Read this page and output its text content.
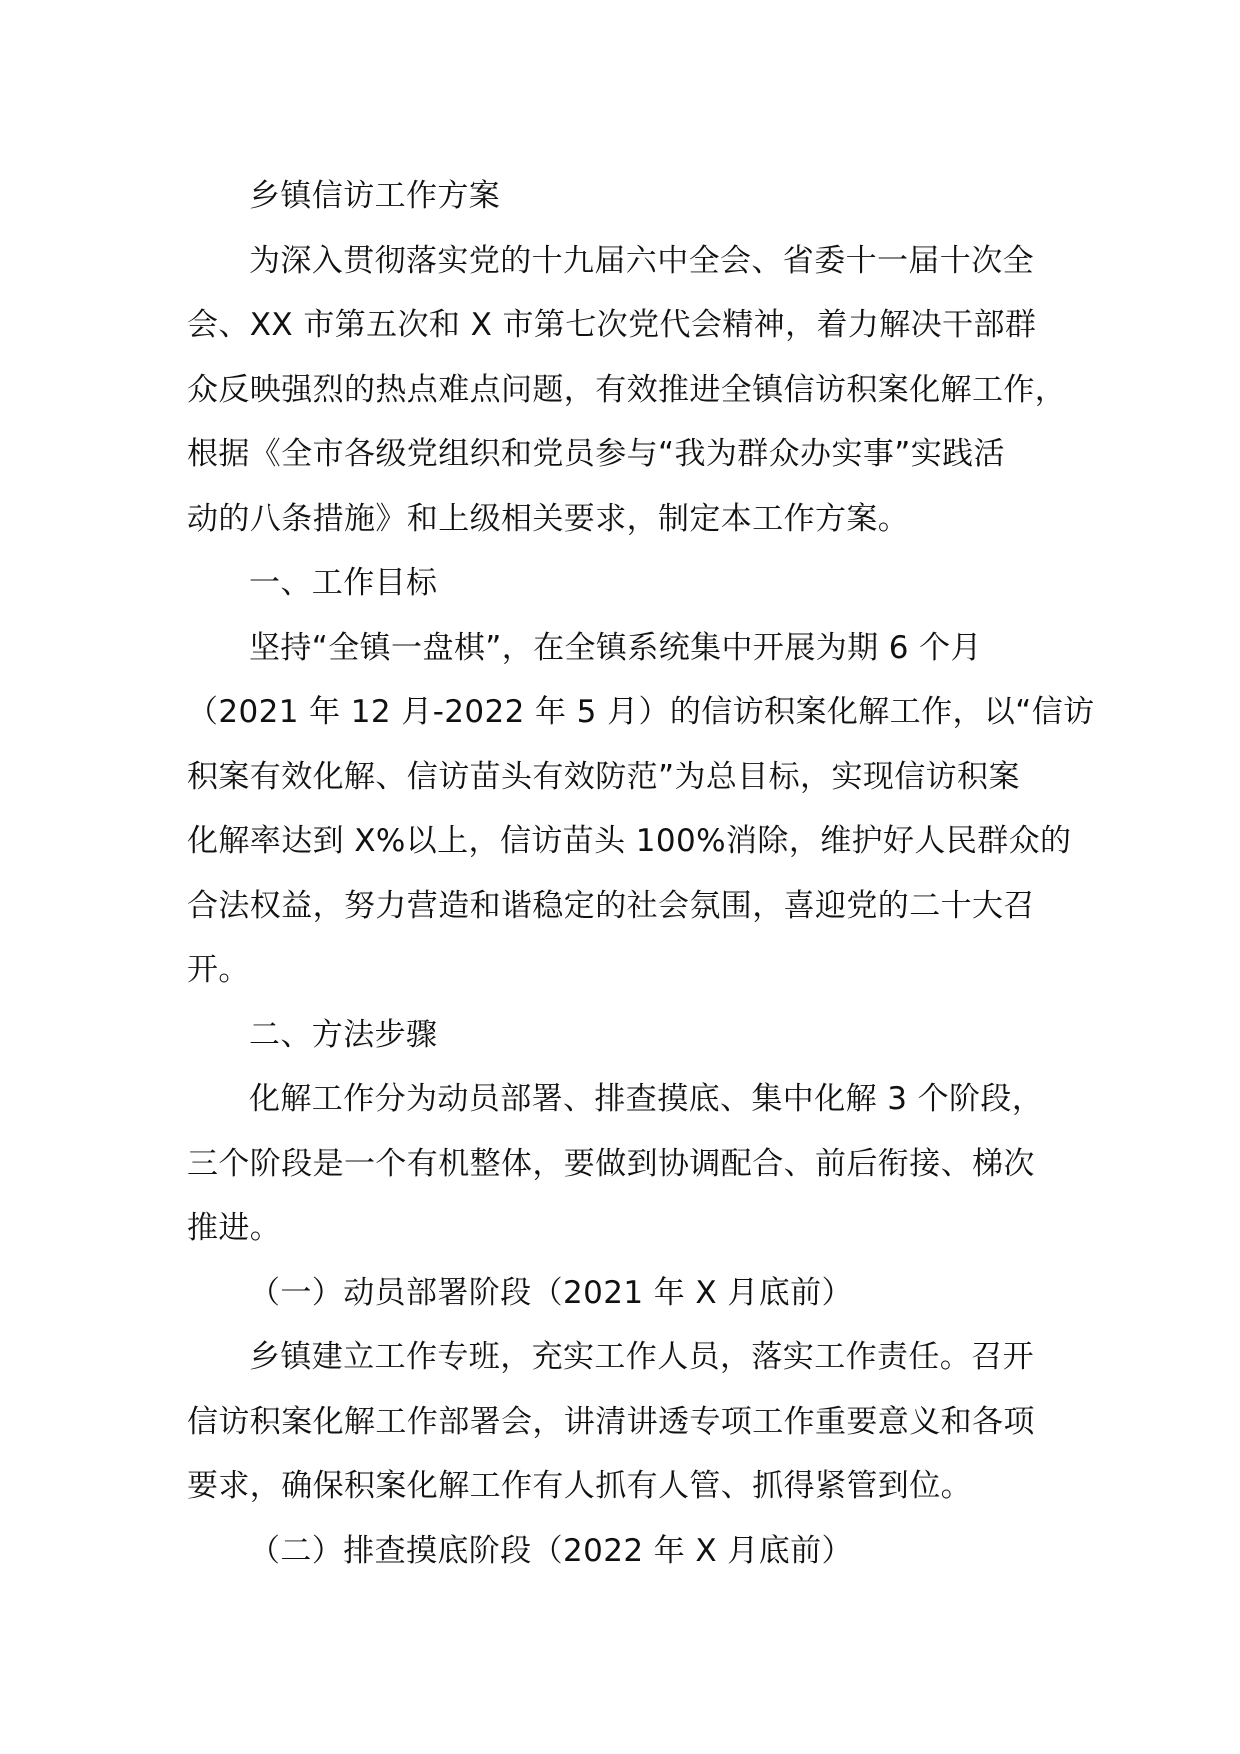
乡镇信访工作方案
为深入贯彻落实党的十九届六中全会、省委十一届十次全
会、XX 市第五次和 X 市第七次党代会精神，着力解决干部群
众反映强烈的热点难点问题，有效推进全镇信访积案化解工作，
根据《全市各级党组织和党员参与“我为群众办实事”实践活
动的八条措施》和上级相关要求，制定本工作方案。
一、工作目标
坚持“全镇一盘棋”，在全镇系统集中开展为期 6 个月
（2021 年 12 月-2022 年 5 月）的信访积案化解工作，以“信访
积案有效化解、信访苗头有效防范”为总目标，实现信访积案
化解率达到 X%以上，信访苗头 100%消除，维护好人民群众的
合法权益，努力营造和谐稳定的社会氛围，喜迎党的二十大召
开。
二、方法步骤
化解工作分为动员部署、排查摸底、集中化解 3 个阶段，
三个阶段是一个有机整体，要做到协调配合、前后衔接、梯次
推进。
（一）动员部署阶段（2021 年 X 月底前）
乡镇建立工作专班，充实工作人员，落实工作责任。召开
信访积案化解工作部署会，讲清讲透专项工作重要意义和各项
要求，确保积案化解工作有人抓有人管、抓得紧管到位。
（二）排查摸底阶段（2022 年 X 月底前）
